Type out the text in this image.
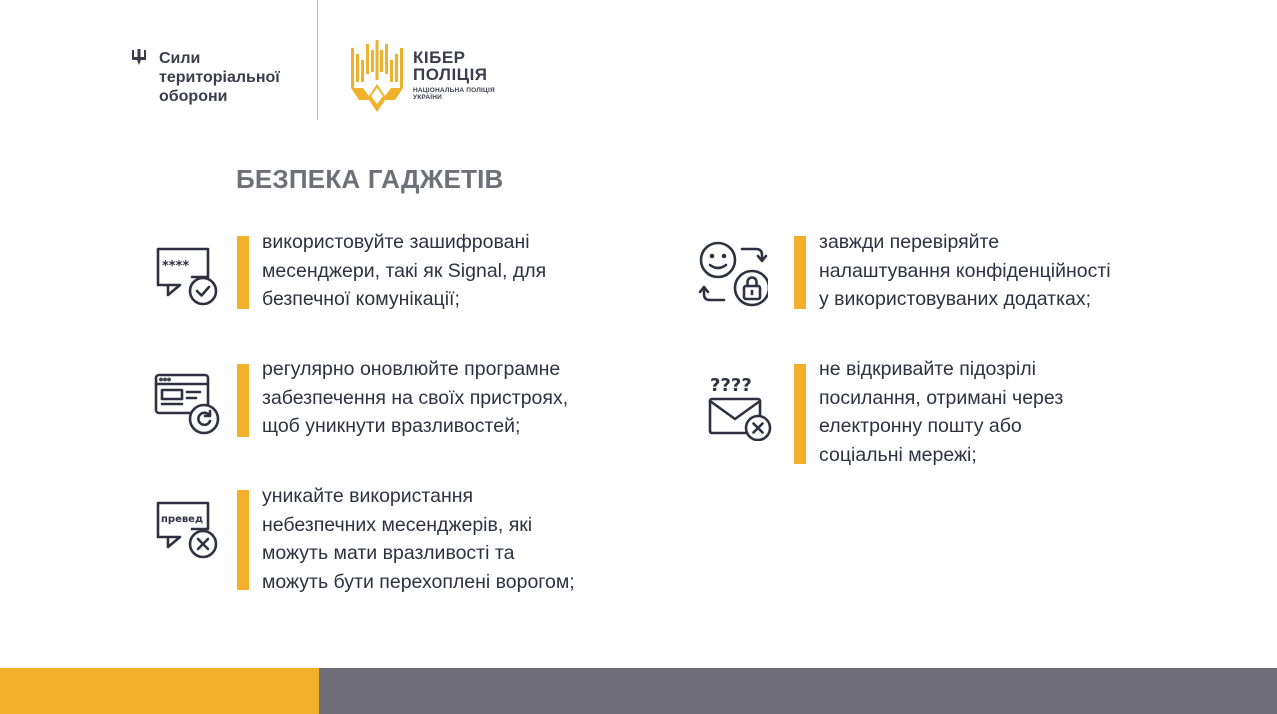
Сили
територіальної
оборони
КІБЕР
ПОЛІЦІЯ
НАЦІОНАЛЬНА ПОЛІЦІЯ
УКРАЇНИ
БЕЗПЕКА ГАДЖЕТІВ
****
використовуйте зашифровані
месенджери, такі як Signal, для
безпечної комунікації;
регулярно оновлюйте програмне
забезпечення на своїх пристроях,
щоб уникнути вразливостей;
превед
уникайте використання
небезпечних месенджерів, які
можуть мати вразливості та
можуть бути перехоплені ворогом;
завжди перевіряйте
налаштування конфіденційності
у використовуваних додатках;
????
не відкривайте підозрілі
посилання, отримані через
електронну пошту або
соціальні мережі;
